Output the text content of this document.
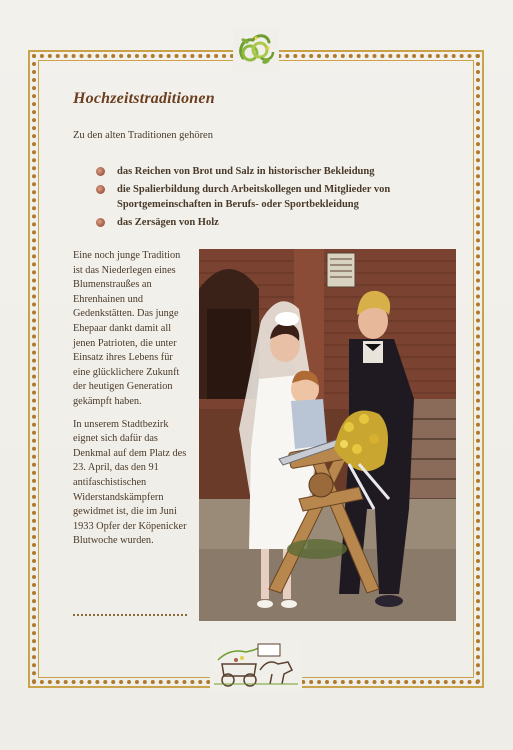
Hochzeitstraditionen
Zu den alten Traditionen gehören
das Reichen von Brot und Salz in historischer Bekleidung
die Spalierbildung durch Arbeitskollegen und Mitglieder von Sportgemeinschaften in Berufs- oder Sportbekleidung
das Zersägen von Holz

Eine noch junge Tradition ist das Niederlegen eines Blumenstraußes an Ehrenhainen und Gedenkstätten. Das junge Ehepaar dankt damit all jenen Patrioten, die unter Einsatz ihres Lebens für eine glücklichere Zukunft der heutigen Generation gekämpft haben.

In unserem Stadtbezirk eignet sich dafür das Denkmal auf dem Platz des 23. April, das den 91 antifaschistischen Widerstandskämpfern gewidmet ist, die im Juni 1933 Opfer der Köpenicker Blutwoche wurden.
